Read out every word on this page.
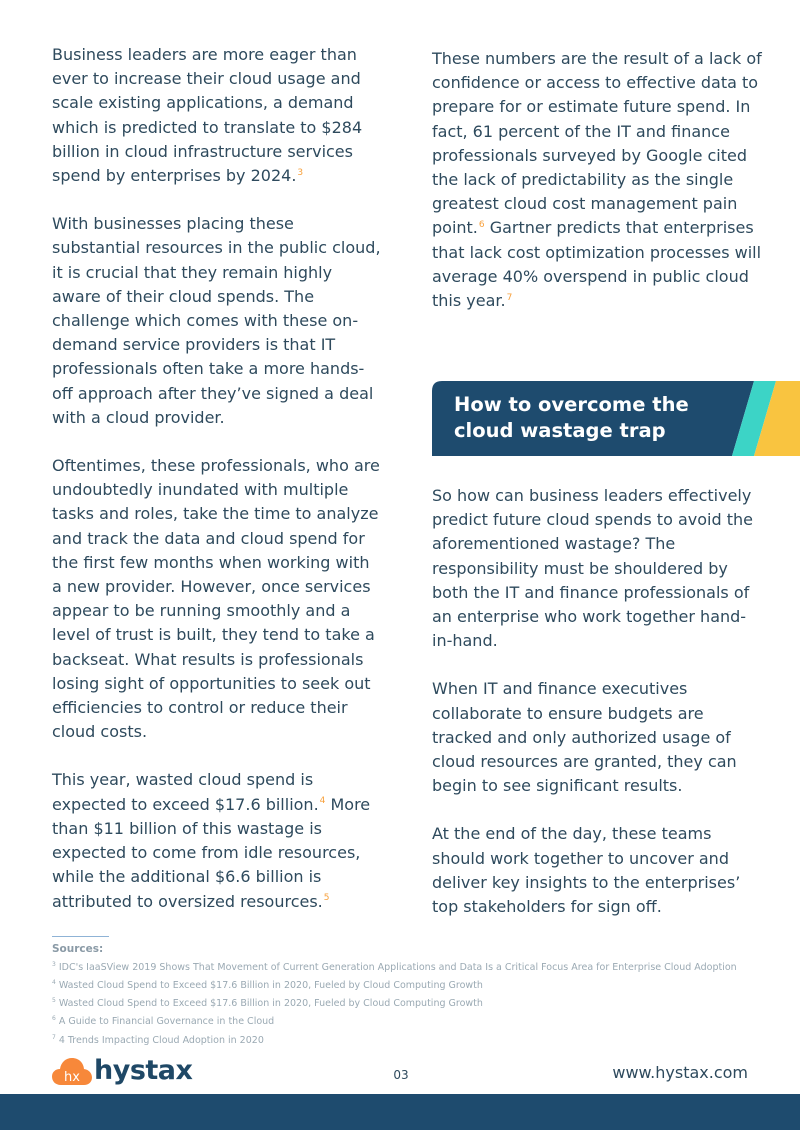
Business leaders are more eager than ever to increase their cloud usage and scale existing applications, a demand which is predicted to translate to $284 billion in cloud infrastructure services spend by enterprises by 2024.$^3$

With businesses placing these substantial resources in the public cloud, it is crucial that they remain highly aware of their cloud spends. The challenge which comes with these on-demand service providers is that IT professionals often take a more hands-off approach after they’ve signed a deal with a cloud provider.

Oftentimes, these professionals, who are undoubtedly inundated with multiple tasks and roles, take the time to analyze and track the data and cloud spend for the first few months when working with a new provider. However, once services appear to be running smoothly and a level of trust is built, they tend to take a backseat. What results is professionals losing sight of opportunities to seek out efficiencies to control or reduce their cloud costs.

This year, wasted cloud spend is expected to exceed $17.6 billion.$^4$ More than $11 billion of this wastage is expected to come from idle resources, while the additional $6.6 billion is attributed to oversized resources.$^5$

These numbers are the result of a lack of confidence or access to effective data to prepare for or estimate future spend. In fact, 61 percent of the IT and finance professionals surveyed by Google cited the lack of predictability as the single greatest cloud cost management pain point.$^6$ Gartner predicts that enterprises that lack cost optimization processes will average 40% overspend in public cloud this year.$^7$

How to overcome the cloud wastage trap

So how can business leaders effectively predict future cloud spends to avoid the aforementioned wastage? The responsibility must be shouldered by both the IT and finance professionals of an enterprise who work together hand-in-hand.

When IT and finance executives collaborate to ensure budgets are tracked and only authorized usage of cloud resources are granted, they can begin to see significant results.

At the end of the day, these teams should work together to uncover and deliver key insights to the enterprises’ top stakeholders for sign off.

Sources:
$^3$ IDC's IaaSView 2019 Shows That Movement of Current Generation Applications and Data Is a Critical Focus Area for Enterprise Cloud Adoption
$^4$ Wasted Cloud Spend to Exceed $17.6 Billion in 2020, Fueled by Cloud Computing Growth
$^5$ Wasted Cloud Spend to Exceed $17.6 Billion in 2020, Fueled by Cloud Computing Growth
$^6$ A Guide to Financial Governance in the Cloud
$^7$ 4 Trends Impacting Cloud Adoption in 2020
hx hystax	03	www.hystax.com
